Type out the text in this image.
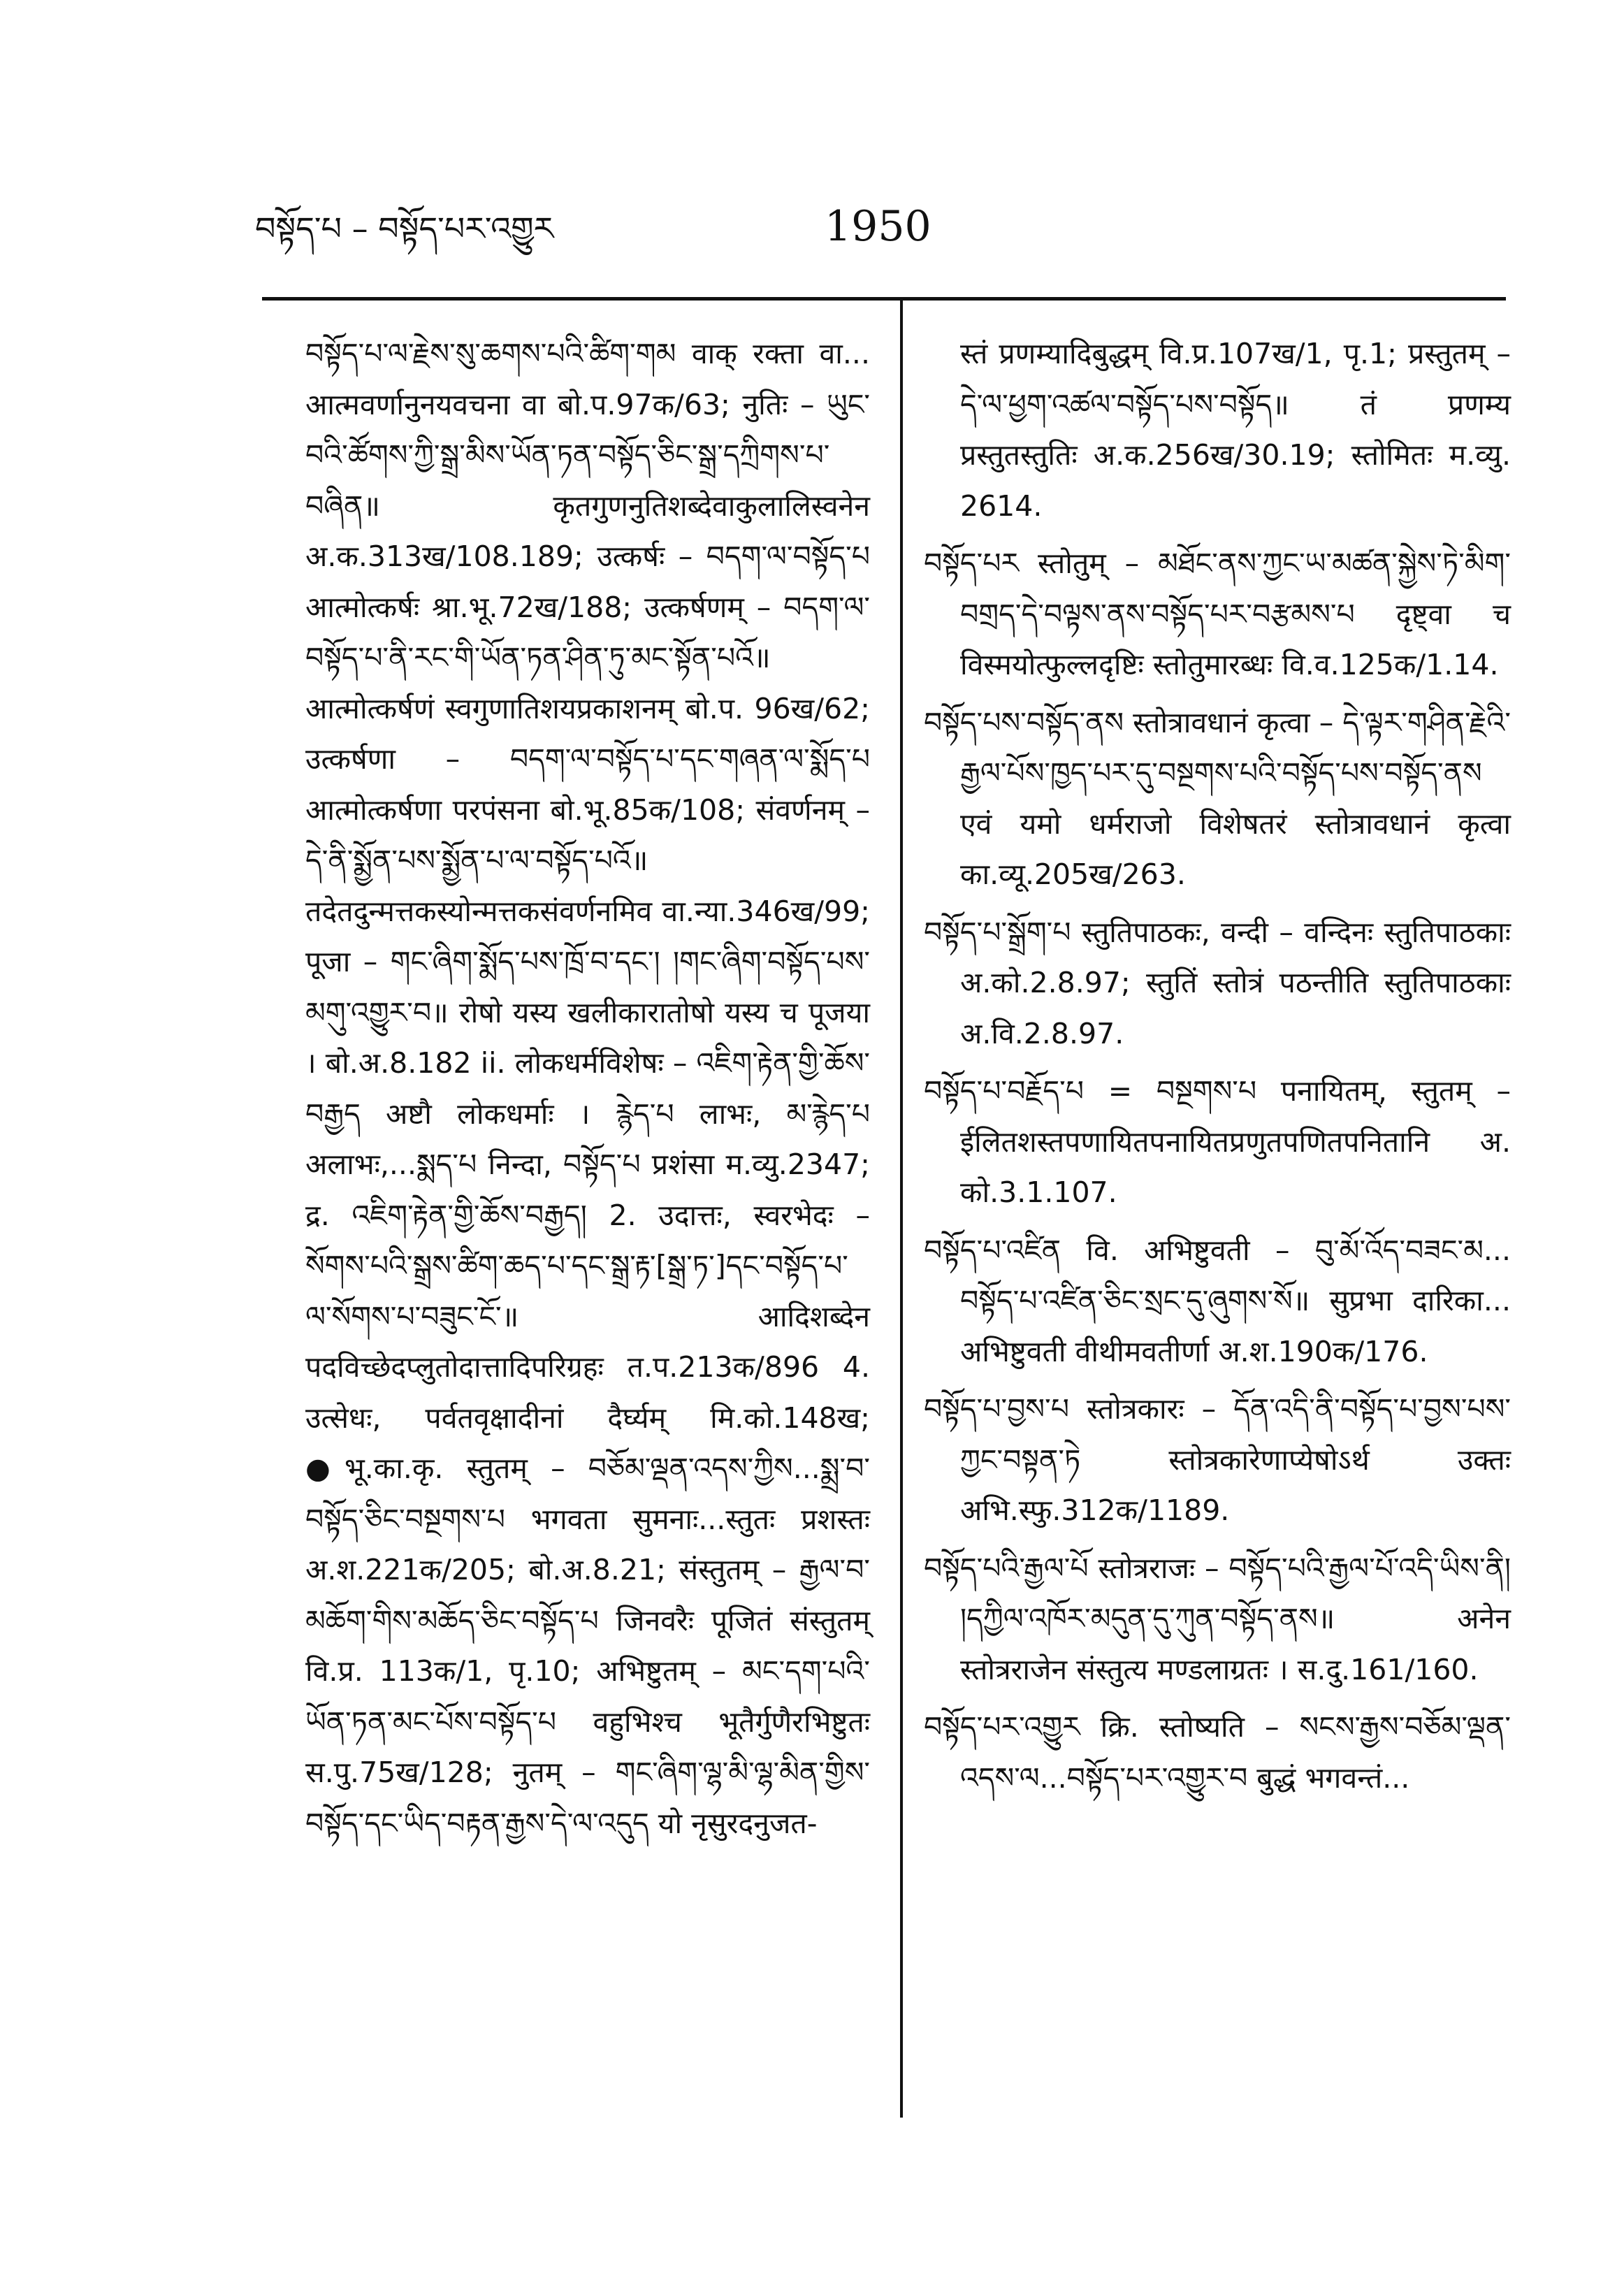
བསྟོད་པ – བསྟོད་པར་འགྱུར	1950

བསྟོད་པ་ལ་རྗེས་སུ་ཆགས་པའི་ཚིག་གམ वाक् रक्ता वा... आत्मवर्णानुनयवचना वा बो.प.97क/63; नुतिः – ཡུང་བའི་ཚོགས་ཀྱི་སྒྲ་མིས་ཡོན་ཏན་བསྟོད་ཅིང་སྒྲ་དཀྲིགས་པ་བཞིན॥ कृतगुणनुतिशब्देवाकुलालिस्वनेन अ.क.313ख/108.189; उत्कर्षः – བདག་ལ་བསྟོད་པ आत्मोत्कर्षः श्रा.भू.72ख/188; उत्कर्षणम् – བདག་ལ་བསྟོད་པ་ནི་རང་གི་ཡོན་ཏན་ཤིན་ཏུ་མང་སྟོན་པའོ॥ आत्मोत्कर्षणं स्वगुणातिशयप्रकाशनम् बो.प. 96ख/62; उत्कर्षणा – བདག་ལ་བསྟོད་པ་དང་གཞན་ལ་སྨོད་པ आत्मोत्कर्षणा परपंसना बो.भू.85क/108; संवर्णनम् – དེ་ནི་སྨྱོན་པས་སྨྱོན་པ་ལ་བསྟོད་པའོ॥ तदेतदुन्मत्तकस्योन्मत्तकसंवर्णनमिव वा.न्या.346ख/99; पूजा – གང་ཞིག་སྨོད་པས་ཁྲོ་བ་དང་། །གང་ཞིག་བསྟོད་པས་མགུ་འགྱུར་བ॥ रोषो यस्य खलीकारातोषो यस्य च पूजया । बो.अ.8.182 ii. लोकधर्मविशेषः – འཇིག་རྟེན་གྱི་ཆོས་བརྒྱད अष्टौ लोकधर्माः । རྙེད་པ लाभः, མ་རྙེད་པ अलाभः,...སྨད་པ निन्दा, བསྟོད་པ प्रशंसा म.व्यु.2347; द्र. འཇིག་རྟེན་གྱི་ཆོས་བརྒྱད། 2. उदात्तः, स्वरभेदः – སོགས་པའི་སྒྲས་ཚིག་ཆད་པ་དང་སྒྲ་རྟ་[སྒྲ་ཏ་]དང་བསྟོད་པ་ལ་སོགས་པ་བཟུང་ངོ་॥ आदिशब्देन पदविच्छेदप्लुतोदात्तादिपरिग्रहः त.प.213क/896 4. उत्सेधः, पर्वतवृक्षादीनां दैर्घ्यम् मि.को.148ख; ●भू.का.कृ. स्तुतम् – བཅོམ་ལྡན་འདས་ཀྱིས...སྨྲ་བ་བསྟོད་ཅིང་བསྔགས་པ भगवता सुमनाः...स्तुतः प्रशस्तः अ.श.221क/205; बो.अ.8.21; संस्तुतम् – རྒྱལ་བ་མཆོག་གིས་མཆོད་ཅིང་བསྟོད་པ जिनवरैः पूजितं संस्तुतम् वि.प्र. 113क/1, पृ.10; अभिष्टुतम् – མང་དག་པའི་ཡོན་ཏན་མང་པོས་བསྟོད་པ वहुभिश्च भूतैर्गुणैरभिष्टुतः स.पु.75ख/128; नुतम् – གང་ཞིག་ལྷ་མི་ལྷ་མིན་གྱིས་བསྟོད་དང་ཡིད་བརྟན་རྒྱས་དེ་ལ་འདུད यो नृसुरदनुजत-

स्तं प्रणम्यादिबुद्धम् वि.प्र.107ख/1, पृ.1; प्रस्तुतम् – དེ་ལ་ཕྱག་འཚལ་བསྟོད་པས་བསྟོད॥ तं प्रणम्य प्रस्तुतस्तुतिः अ.क.256ख/30.19; स्तोमितः म.व्यु. 2614.

བསྟོད་པར स्तोतुम् – མཐོང་ནས་ཀྱང་ཡ་མཚན་སྐྱེས་ཏེ་མིག་བགྲད་དེ་བལྟས་ནས་བསྟོད་པར་བརྩམས་པ दृष्ट्वा च विस्मयोत्फुल्लदृष्टिः स्तोतुमारब्धः वि.व.125क/1.14.

བསྟོད་པས་བསྟོད་ནས स्तोत्रावधानं कृत्वा – དེ་ལྟར་གཤིན་རྗེའི་རྒྱལ་པོས་ཁྱད་པར་དུ་བསྔགས་པའི་བསྟོད་པས་བསྟོད་ནས एवं यमो धर्मराजो विशेषतरं स्तोत्रावधानं कृत्वा का.व्यू.205ख/263.

བསྟོད་པ་སྒྲོག་པ स्तुतिपाठकः, वन्दी – वन्दिनः स्तुतिपाठकाः अ.को.2.8.97; स्तुतिं स्तोत्रं पठन्तीति स्तुतिपाठकाः अ.वि.2.8.97.

བསྟོད་པ་བརྗོད་པ = བསྔགས་པ पनायितम्, स्तुतम् – ईलितशस्तपणायितपनायितप्रणुतपणितपनितानि अ. को.3.1.107.

བསྟོད་པ་འཛིན वि. अभिष्टुवती – བུ་མོ་འོད་བཟང་མ... བསྟོད་པ་འཛིན་ཅིང་སྲང་དུ་ཞུགས་སོ॥ सुप्रभा दारिका... अभिष्टुवती वीथीमवतीर्णा अ.श.190क/176.

བསྟོད་པ་བྱས་པ स्तोत्रकारः – དོན་འདི་ནི་བསྟོད་པ་བྱས་པས་ཀྱང་བསྟན་ཏེ स्तोत्रकारेणाप्येषोऽर्थ उक्तः अभि.स्फु.312क/1189.

བསྟོད་པའི་རྒྱལ་པོ स्तोत्रराजः – བསྟོད་པའི་རྒྱལ་པོ་འདི་ཡིས་ནི། །དཀྱིལ་འཁོར་མདུན་དུ་ཀུན་བསྟོད་ནས॥ अनेन स्तोत्रराजेन संस्तुत्य मण्डलाग्रतः । स.दु.161/160.

བསྟོད་པར་འགྱུར क्रि. स्तोष्यति – སངས་རྒྱས་བཅོམ་ལྡན་འདས་ལ...བསྟོད་པར་འགྱུར་བ बुद्धं भगवन्तं...
